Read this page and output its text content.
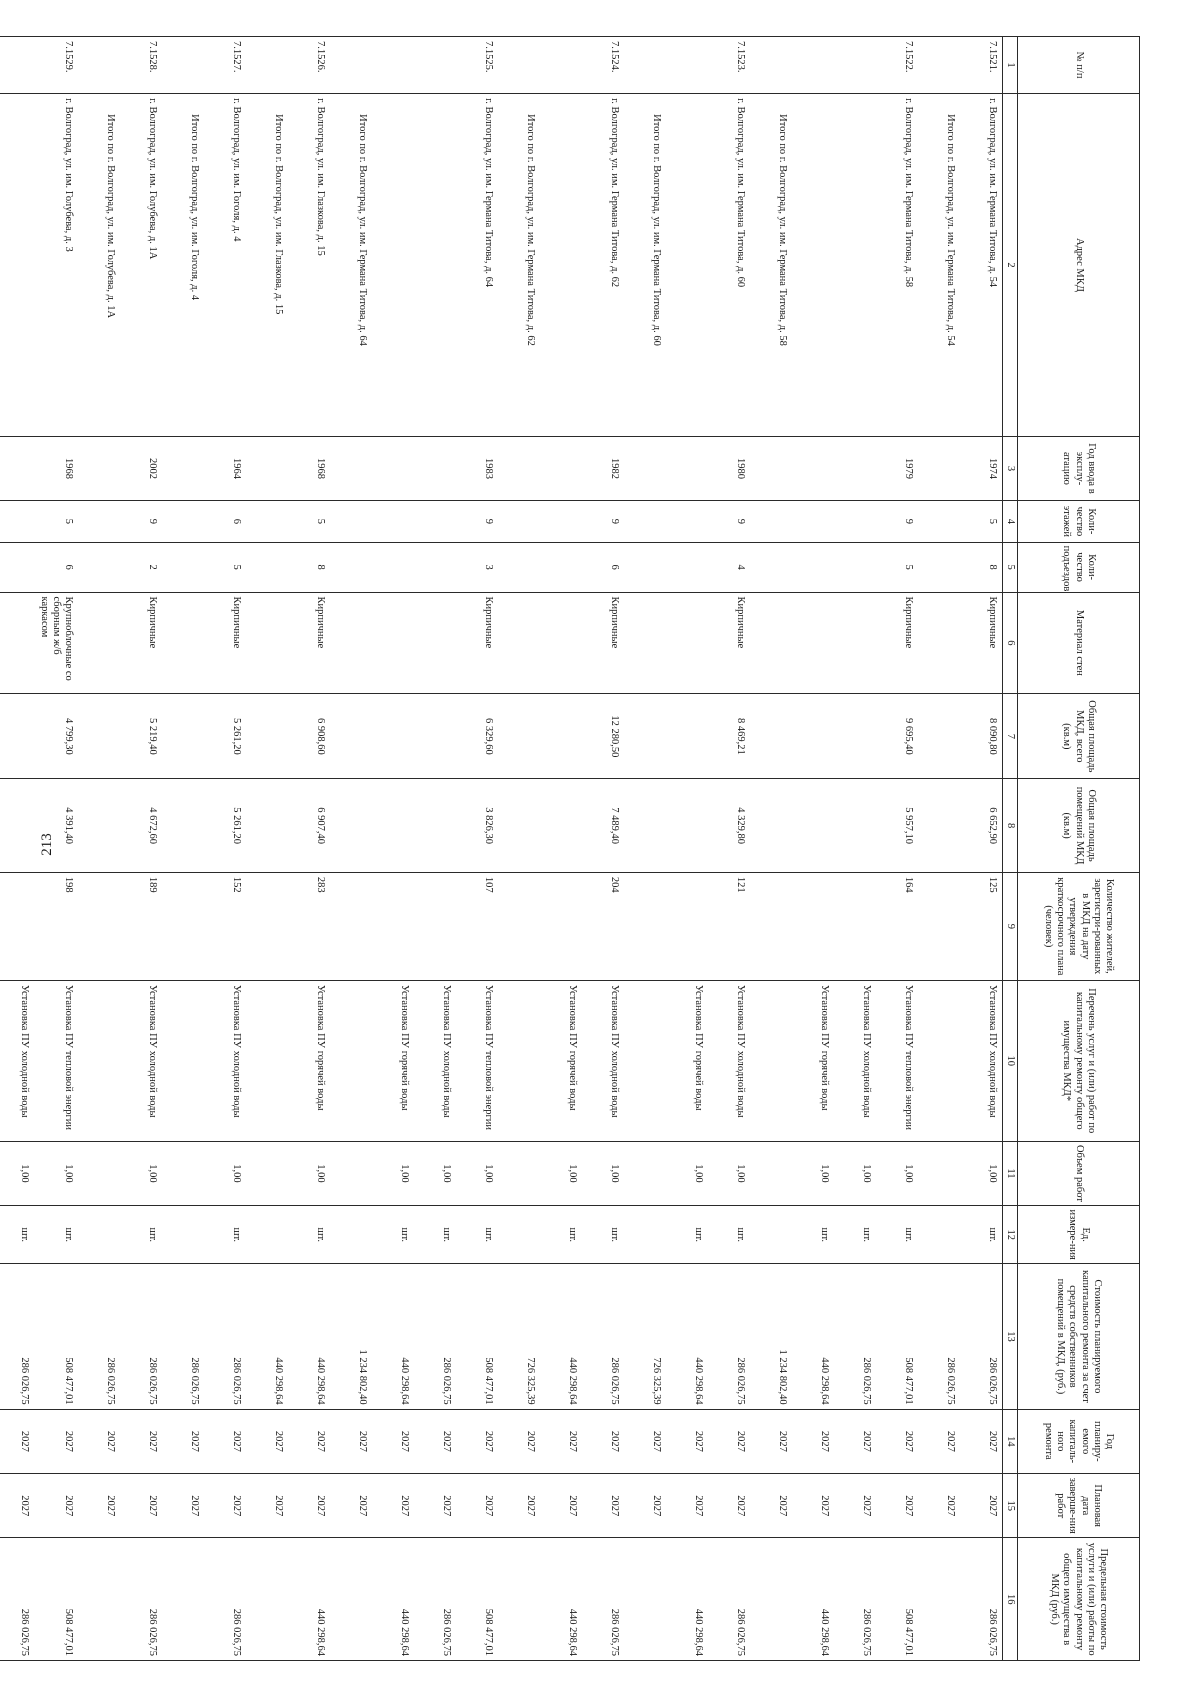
213
№ п/п	Адрес МКД	Год ввода в эксплу-атацию	Коли-чество этажей	Коли-чество подъездов	Материал стен	Общая площадь МКД, всего (кв.м)	Общая площадь помещений МКД (кв.м)	Количество жителей, зарегистри-рованных в МКД на дату утверждения краткосрочного плана (человек)	Перечень услуг и (или) работ по капитальному ремонту общего имущества МКД*	Объем работ	Ед. измере-ния	Стоимость планируемого капитального ремонта за счет средств собственников помещений в МКД, (руб.)	Год планиру-емого капиталь-ного ремонта	Плановая дата заверше-ния работ	Предельная стоимость услуги и (или) работы по капитальному ремонту общего имущества в МКД (руб.)
1	2	3	4	5	6	7	8	9	10	11	12	13	14	15	16
7.1521.	г. Волгоград, ул. им. Германа Титова, д. 54	1974	5	8	Кирпичные	8 090,80	6 652,90	125	Установка ПУ холодной воды	1,00	шт.	286 026,75	2027	2027	286 026,75
	Итого по г. Волгоград, ул. им. Германа Титова, д. 54											286 026,75	2027	2027	
7.1522.	г. Волгоград, ул. им. Германа Титова, д. 58	1979	9	5	Кирпичные	9 695,40	5 957,10	164	Установка ПУ тепловой энергии	1,00	шт.	508 477,01	2027	2027	508 477,01
									Установка ПУ холодной воды	1,00	шт.	286 026,75	2027	2027	286 026,75
									Установка ПУ горячей воды	1,00	шт.	440 298,64	2027	2027	440 298,64
	Итого по г. Волгоград, ул. им. Германа Титова, д. 58											1 234 802,40	2027	2027	
7.1523.	г. Волгоград, ул. им. Германа Титова, д. 60	1980	9	4	Кирпичные	8 469,21	4 329,80	121	Установка ПУ холодной воды	1,00	шт.	286 026,75	2027	2027	286 026,75
									Установка ПУ горячей воды	1,00	шт.	440 298,64	2027	2027	440 298,64
	Итого по г. Волгоград, ул. им. Германа Титова, д. 60											726 325,39	2027	2027	
7.1524.	г. Волгоград, ул. им. Германа Титова, д. 62	1982	9	6	Кирпичные	12 280,50	7 489,40	204	Установка ПУ холодной воды	1,00	шт.	286 026,75	2027	2027	286 026,75
									Установка ПУ горячей воды	1,00	шт.	440 298,64	2027	2027	440 298,64
	Итого по г. Волгоград, ул. им. Германа Титова, д. 62											726 325,39	2027	2027	
7.1525.	г. Волгоград, ул. им. Германа Титова, д. 64	1983	9	3	Кирпичные	6 329,60	3 826,30	107	Установка ПУ тепловой энергии	1,00	шт.	508 477,01	2027	2027	508 477,01
									Установка ПУ холодной воды	1,00	шт.	286 026,75	2027	2027	286 026,75
									Установка ПУ горячей воды	1,00	шт.	440 298,64	2027	2027	440 298,64
	Итого по г. Волгоград, ул. им. Германа Титова, д. 64											1 234 802,40	2027	2027	
7.1526.	г. Волгоград, ул. им. Глазкова, д. 15	1968	5	8	Кирпичные	6 908,60	6 907,40	283	Установка ПУ горячей воды	1,00	шт.	440 298,64	2027	2027	440 298,64
	Итого по г. Волгоград, ул. им. Глазкова, д. 15											440 298,64	2027	2027	
7.1527.	г. Волгоград, ул. им. Гоголя, д. 4	1964	6	5	Кирпичные	5 261,20	5 261,20	152	Установка ПУ холодной воды	1,00	шт.	286 026,75	2027	2027	286 026,75
	Итого по г. Волгоград, ул. им. Гоголя, д. 4											286 026,75	2027	2027	
7.1528.	г. Волгоград, ул. им. Голубева, д. 1А	2002	9	2	Кирпичные	5 219,40	4 672,60	189	Установка ПУ холодной воды	1,00	шт.	286 026,75	2027	2027	286 026,75
	Итого по г. Волгоград, ул. им. Голубева, д. 1А											286 026,75	2027	2027	
7.1529.	г. Волгоград, ул. им. Голубева, д. 3	1968	5	6	Крупноблочные со сборным ж/б каркасом	4 799,30	4 391,40	198	Установка ПУ тепловой энергии	1,00	шт.	508 477,01	2027	2027	508 477,01
									Установка ПУ холодной воды	1,00	шт.	286 026,75	2027	2027	286 026,75
